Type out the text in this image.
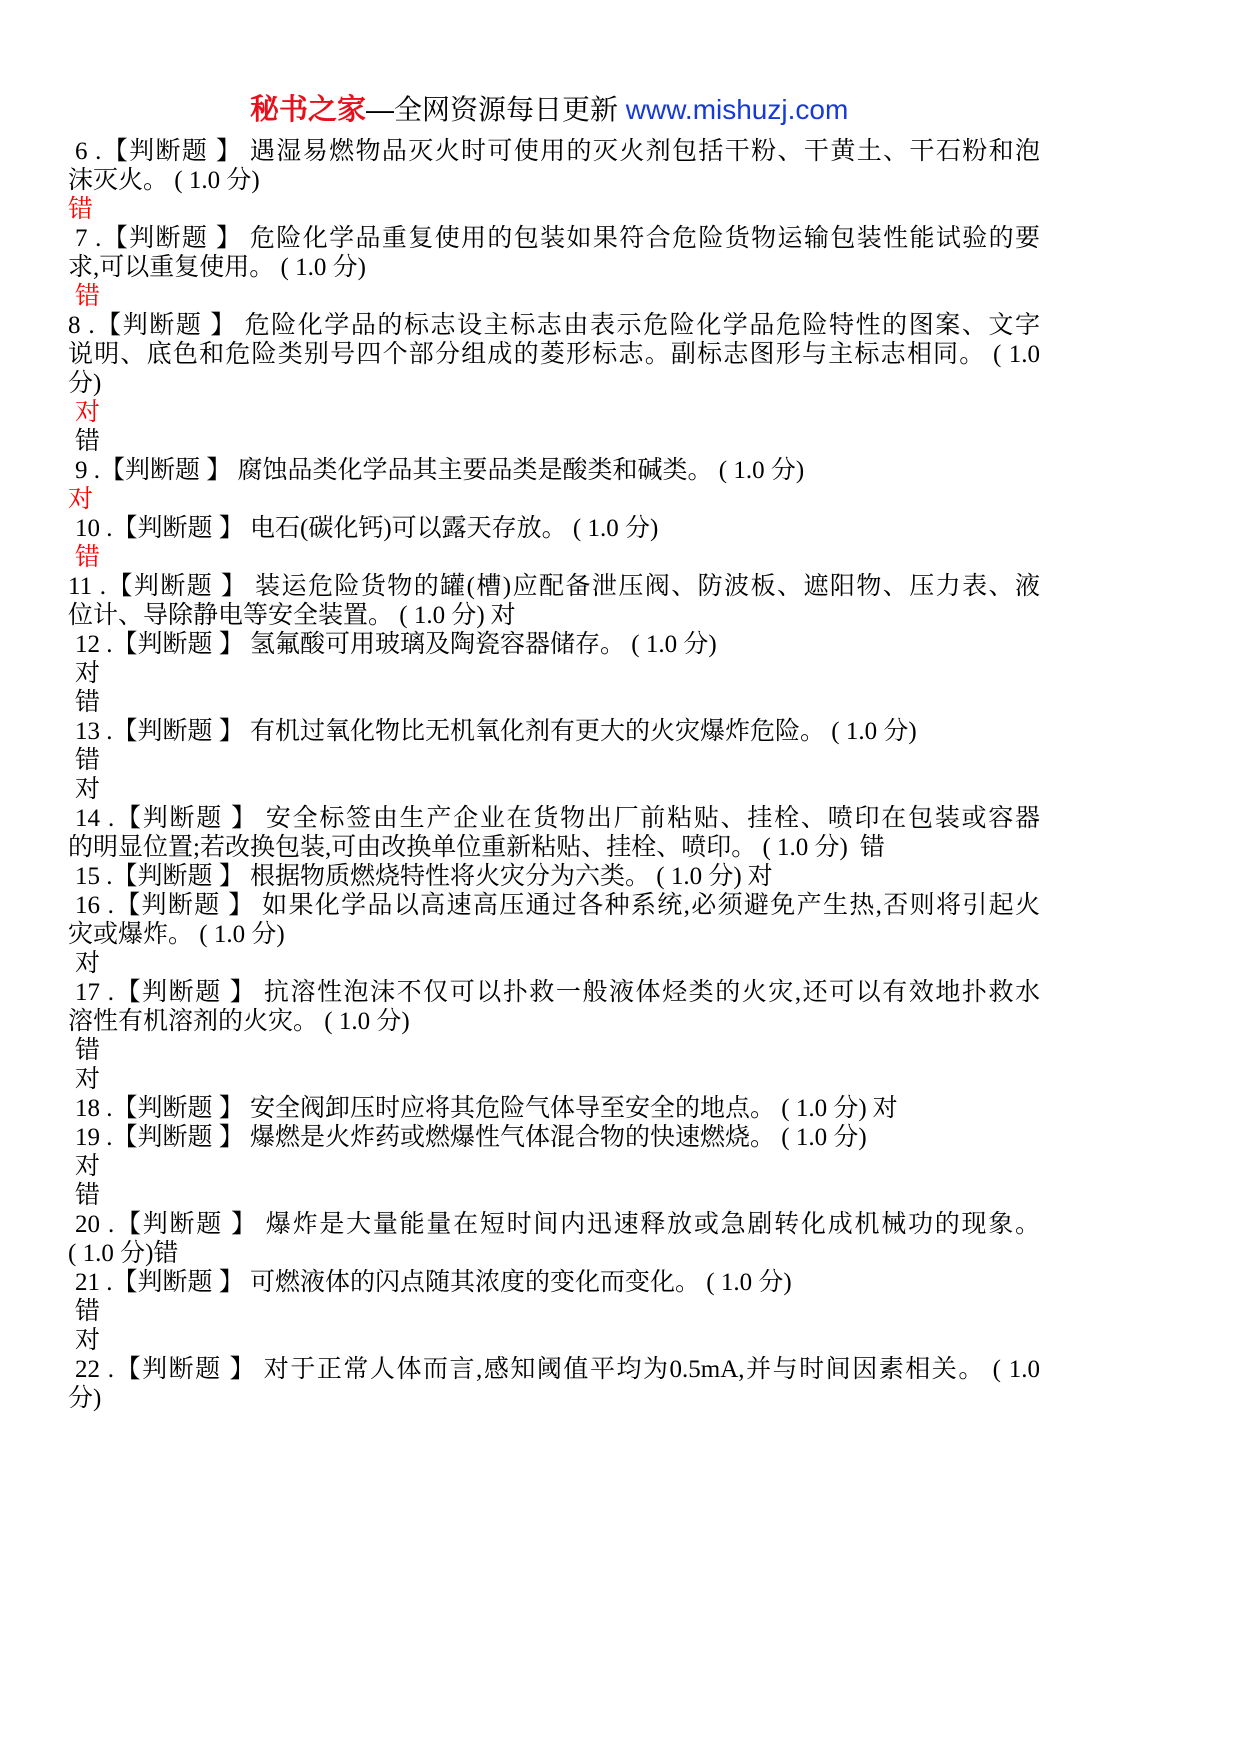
秘书之家—全网资源每日更新 www.mishuzj.com
6 .【判断题 】 遇湿易燃物品灭火时可使用的灭火剂包括干粉、干黄土、干石粉和泡
沫灭火。 ( 1.0 分)
错
7 .【判断题 】 危险化学品重复使用的包装如果符合危险货物运输包装性能试验的要
求,可以重复使用。 ( 1.0 分)
错
8 .【判断题 】 危险化学品的标志设主标志由表示危险化学品危险特性的图案、文字
说明、底色和危险类别号四个部分组成的菱形标志。副标志图形与主标志相同。 ( 1.0
分)
对
错
9 .【判断题 】 腐蚀品类化学品其主要品类是酸类和碱类。 ( 1.0 分)
对
10 .【判断题 】 电石(碳化钙)可以露天存放。 ( 1.0 分)
错
11 .【判断题 】 装运危险货物的罐(槽)应配备泄压阀、防波板、遮阳物、压力表、液
位计、导除静电等安全装置。 ( 1.0 分) 对
12 .【判断题 】 氢氟酸可用玻璃及陶瓷容器储存。 ( 1.0 分)
对
错
13 .【判断题 】 有机过氧化物比无机氧化剂有更大的火灾爆炸危险。 ( 1.0 分)
错
对
14 .【判断题 】 安全标签由生产企业在货物出厂前粘贴、挂栓、喷印在包装或容器
的明显位置;若改换包装,可由改换单位重新粘贴、挂栓、喷印。 ( 1.0 分) 错
15 .【判断题 】 根据物质燃烧特性将火灾分为六类。 ( 1.0 分) 对
16 .【判断题 】 如果化学品以高速高压通过各种系统,必须避免产生热,否则将引起火
灾或爆炸。 ( 1.0 分)
对
17 .【判断题 】 抗溶性泡沫不仅可以扑救一般液体烃类的火灾,还可以有效地扑救水
溶性有机溶剂的火灾。 ( 1.0 分)
错
对
18 .【判断题 】 安全阀卸压时应将其危险气体导至安全的地点。 ( 1.0 分) 对
19 .【判断题 】 爆燃是火炸药或燃爆性气体混合物的快速燃烧。 ( 1.0 分)
对
错
20 .【判断题 】 爆炸是大量能量在短时间内迅速释放或急剧转化成机械功的现象。
( 1.0 分)错
21 .【判断题 】 可燃液体的闪点随其浓度的变化而变化。 ( 1.0 分)
错
对
22 .【判断题 】 对于正常人体而言,感知阈值平均为0.5mA,并与时间因素相关。 ( 1.0
分)
